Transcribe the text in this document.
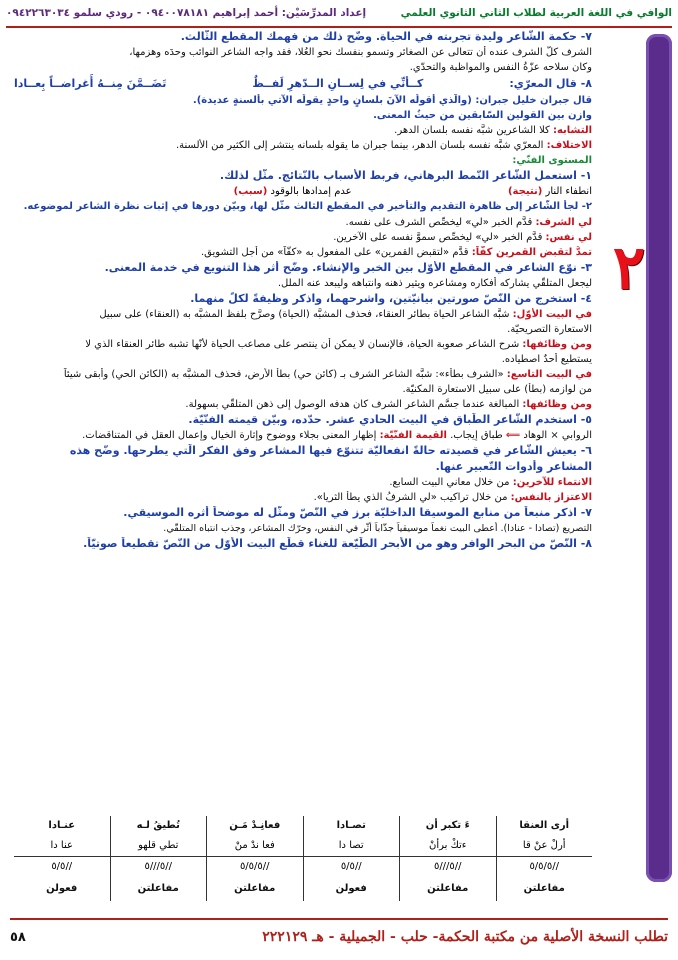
الوافي في اللغة العربية لطلاب الثاني الثانوي العلمي
إعداد المدرِّسَيْن: أحمد إبراهيم ٠٩٤٠٠٧٨١٨١ - رودي سلمو ٠٩٤٢٢٦٣٠٣٤
٢
٧- حكمة الشّاعر وليدة تجربته في الحياة. وضّح ذلك من فهمك المقطع الثّالث.
الشرف كلّ الشرف عنده أن تتعالى عن الصغائر وتسمو بنفسك نحو العُلا، فقد واجه الشاعر النوائب وحدَه وهزمها،
وكان سلاحه عزّةُ النفس والمواظبة والتحدّي.
٨- قال المعرّي:
كــأنِّي في لِســانِ الــدّهرِ لَفــظٌ
تَضَــمَّنَ مِنــهُ أَغراضــاً بِعــادا
قال جبران خليل جبران: (والّذي أقولُه الآنَ بلسانٍ واحدٍ يقولُه الآتي بألسنةٍ عديدة).
وازن بين القولين السّابقين من حيثُ المعنى.
التشابه: كلا الشاعرين شبَّه نفسه بلسان الدهر.
الاختلاف: المعرّي شبَّه نفسه بلسان الدهر، بينما جبران ما يقوله بلسانه ينتشر إلى الكثير من الألسنة.
المستوى الفنّي:
١- استعمل الشّاعر النّمط البرهاني، فربط الأسباب بالنّتائج. مثّل لذلك.
انطفاء النار (نتيجة)
عدم إمدادها بالوقود (سبب)
٢- لجأ الشّاعر إلى ظاهرة التقديم والتأخير في المقطع الثالث مثّل لها، وبيّن دورها في إثبات نظرة الشاعر لموضوعه.
لي الشرف: قدَّم الخبر «لي» ليخصِّص الشرف على نفسه.
لي نفس: قدَّم الخبر «لي» ليخصِّص سموَّ نفسه على الآخرين.
تمدُّ لتقبض القمرين كفّاً: قدَّم «لتقبض القمرين» على المفعول به «كفّاً» من أجل التشويق.
٣- نوّع الشاعر في المقطع الأوّل بين الخبر والإنشاء. وضّح أثر هذا التنويع في خدمة المعنى.
ليجعل المتلقّي يشاركه أفكاره ومشاعره ويثير ذهنه وانتباهه وليبعد عنه الملل.
٤- استخرج من النّصّ صورتين بيانيّتين، واشرحهما، واذكر وظيفةً لكلٍّ منهما.
في البيت الأوّل: شبَّه الشاعر الحياة بطائر العنقاء، فحذف المشبَّه (الحياة) وصرَّح بلفظ المشبَّه به (العنقاء) على سبيل
الاستعارة التصريحيّة.
ومن وظائفها: شرح الشاعر صعوبة الحياة، فالإنسان لا يمكن أن ينتصر على مصاعب الحياة لأنّها تشبه طائر العنقاء الذي لا
يستطيع أحدٌ اصطياده.
في البيت التاسع: «الشرف بطأء»: شبَّه الشاعر الشرف بـ (كائن حي) بطأ الأرض، فحذف المشبَّه به (الكائن الحي) وأبقى شيئاً
من لوازمه (بطأ) على سبيل الاستعارة المكنيّة.
ومن وظائفها: المبالغة عندما جسَّم الشاعر الشرف كان هدفه الوصول إلى ذهن المتلقّي بسهولة.
٥- استخدم الشّاعر الطّباق في البيت الحادي عشر. حدّده، وبيّن قيمته الفنّيّة.
الروابي × الوهاد ⟸ طباق إيجاب. القيمة الفنّيّة: إظهار المعنى بجلاء ووضوح وإثارة الخيال وإعمال العقل في المتناقضات.
٦- يعيش الشّاعر في قصيدته حالةً انفعاليّة تتنوّع فيها المشاعر وفق الفكر الّتي يطرحها. وضّح هذه
المشاعر وأدوات التّعبير عنها.
الانتماء للآخرين: من خلال معاني البيت السابع.
الاعتزاز بالنفس: من خلال تراكيب «لي الشرفُ الذي يطأ الثريا».
٧- اذكر منبعاً من منابع الموسيقا الداخليّة برز في النّصّ ومثّل له موضحاً أثره الموسيقي.
التصريع (تصادا - عنادا). أعطى البيت نغماً موسيقياً جذّاباً أثّر في النفس، وحرّك المشاعر، وجذب انتباه المتلقّي.
٨- النّصّ من البحر الوافر وهو من الأبحر الطّيّعة للغناء قطّع البيت الأوّل من النّصّ تقطيعاً صوتيّاً.
أرى العنقا
ءَ تكبر أن
تصـادا
فعانِـدْ مَـن
تُطيقُ لـه
عنـادا
أرلْ عنْ قا
ءتكْ برأنْ
تصا دا
فعا ندْ منْ
تطي قلهو
عنا دا
//٥/٥/٥
//٥///٥
//٥/٥
//٥/٥/٥
//٥///٥
//٥/٥
مفاعلتن
مفاعلتن
فعولن
مفاعلتن
مفاعلتن
فعولن
تطلب النسخة الأصلية من مكتبة الحكمة- حلب - الجميلية - هـ ٢٢٢١٢٩
٥٨
